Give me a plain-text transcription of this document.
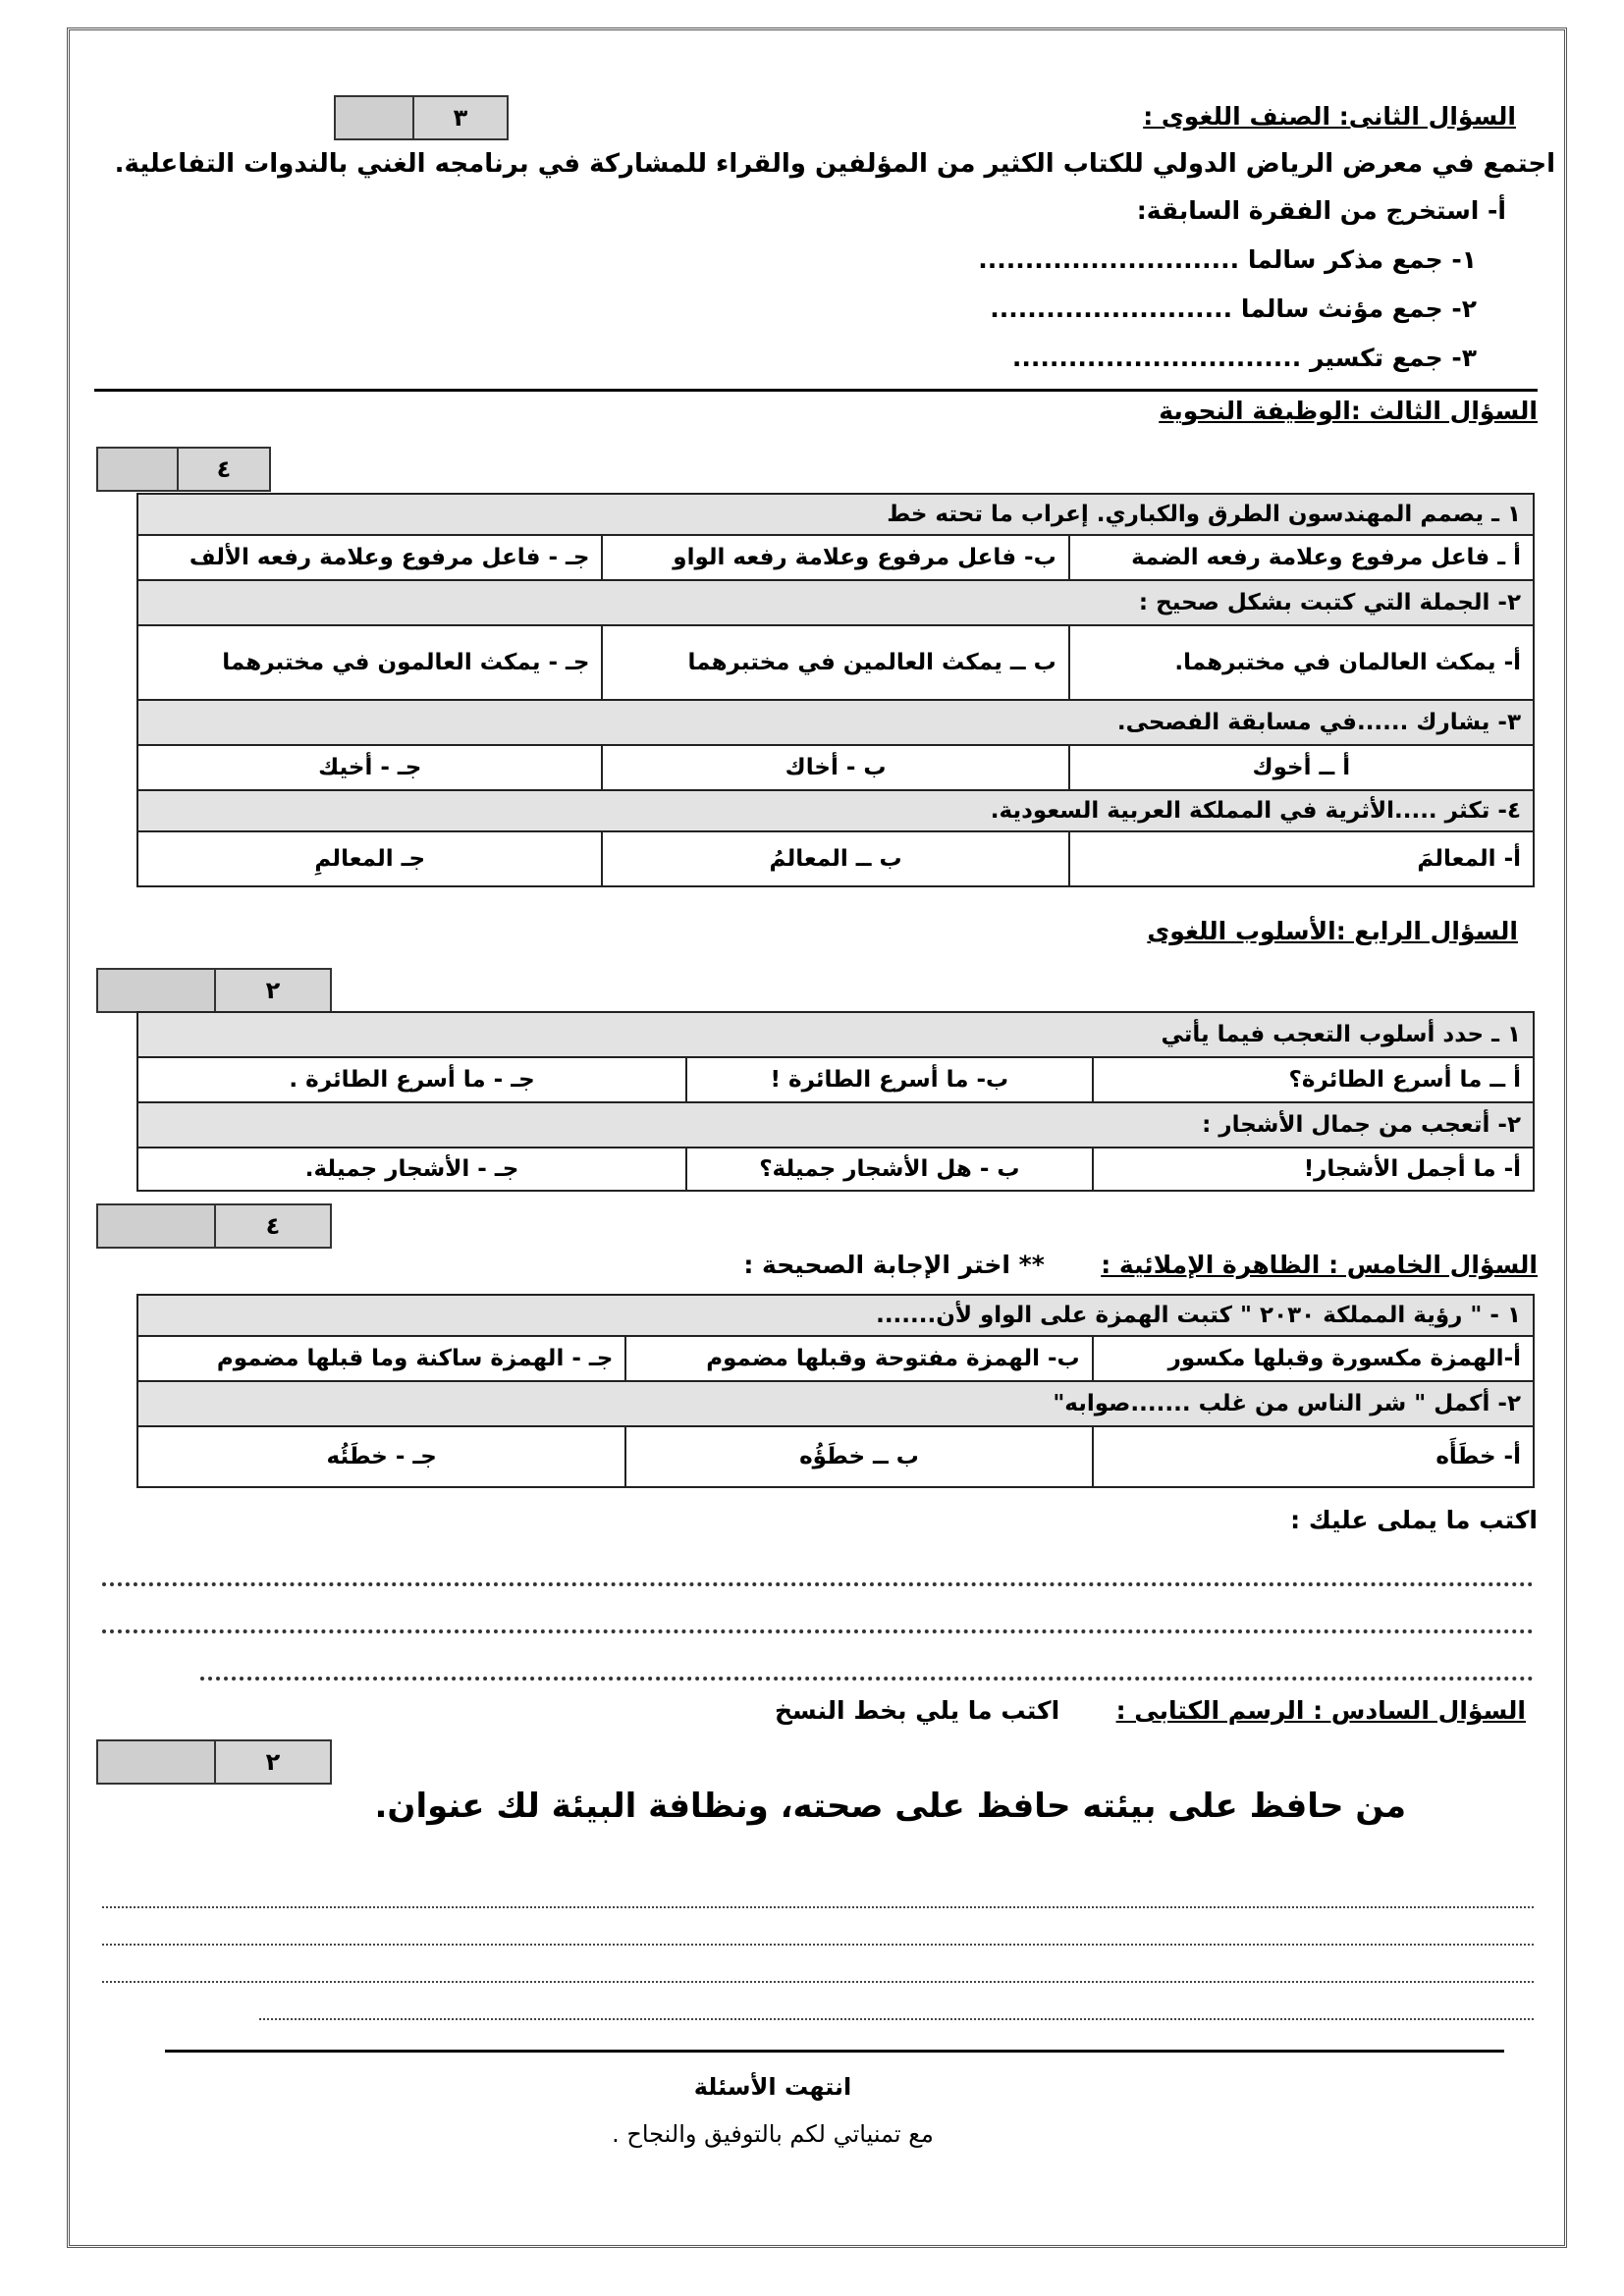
٣	السؤال الثانى: الصنف اللغوى :
اجتمع في معرض الرياض الدولي للكتاب الكثير من المؤلفين والقراء للمشاركة في برنامجه الغني بالندوات التفاعلية.
أ- استخرج من الفقرة السابقة:
١- جمع مذكر سالما ............................
٢- جمع مؤنث سالما ..........................
٣- جمع تكسير ...............................
السؤال الثالث :الوظيفة النحوية
٤
١ ـ يصمم المهندسون الطرق والكباري. إعراب ما تحته خط		
أ ـ فاعل مرفوع وعلامة رفعه الضمة	ب- فاعل مرفوع وعلامة رفعه الواو	جـ - فاعل مرفوع وعلامة رفعه الألف
٢- الجملة التي كتبت بشكل صحيح :		
أ- يمكث العالمان في مختبرهما.	ب ــ يمكث العالمين في مختبرهما	جـ - يمكث العالمون في مختبرهما
٣- يشارك ......في مسابقة الفصحى.		
أ ــ أخوك	ب - أخاك	جـ - أخيك
٤- تكثر .....الأثرية في المملكة العربية السعودية.		
أ- المعالمَ	ب ــ المعالمُ	جـ المعالمِ
السؤال الرابع :الأسلوب اللغوى
٢
١ ـ حدد أسلوب التعجب فيما يأتي		
أ ــ ما أسرع الطائرة؟	ب- ما أسرع الطائرة !	جـ - ما أسرع الطائرة .
٢- أتعجب من جمال الأشجار :		
أ- ما أجمل الأشجار!	ب - هل الأشجار جميلة؟	جـ - الأشجار جميلة.
٤
السؤال الخامس : الظاهرة الإملائية :  ** اختر الإجابة الصحيحة :
١ - " رؤية المملكة ٢٠٣٠ " كتبت الهمزة على الواو لأن.......		
أ-الهمزة مكسورة وقبلها مكسور	ب- الهمزة مفتوحة وقبلها مضموم	جـ - الهمزة ساكنة وما قبلها مضموم
٢- أكمل " شر الناس من غلب .......صوابه"		
أ- خطَأَه	ب ــ خطَؤُه	جـ - خطَئُه
اكتب ما يملى عليك :
السؤال السادس : الرسم الكتابى :  اكتب ما يلي بخط النسخ
٢
من حافظ على بيئته حافظ على صحته، ونظافة البيئة لك عنوان.
انتهت الأسئلة
مع تمنياتي لكم بالتوفيق والنجاح .
